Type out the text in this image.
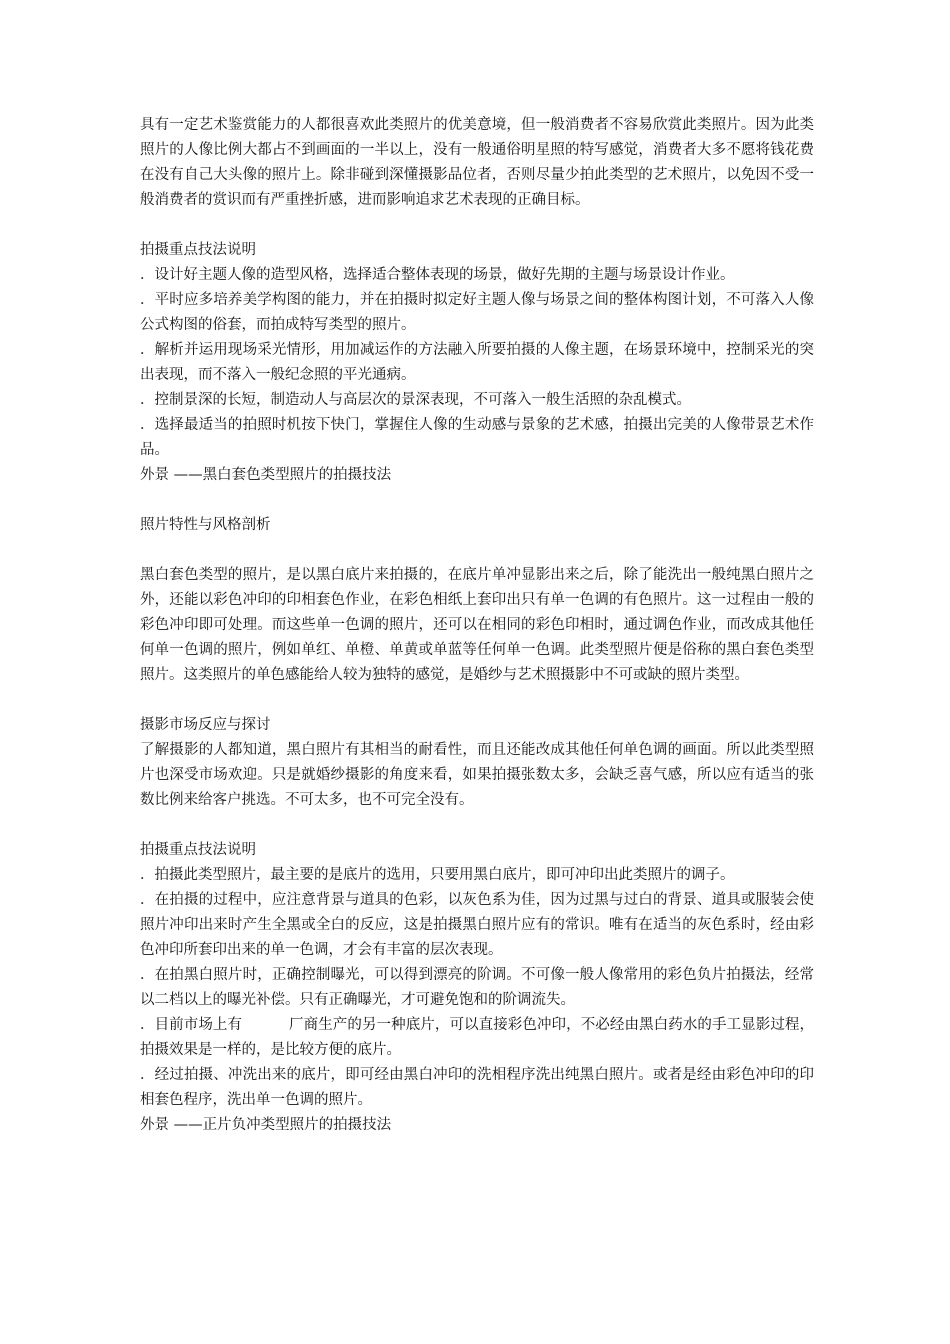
具有一定艺术鉴赏能力的人都很喜欢此类照片的优美意境，但一般消费者不容易欣赏此类照片。因为此类照片的人像比例大都占不到画面的一半以上，没有一般通俗明星照的特写感觉，消费者大多不愿将钱花费在没有自己大头像的照片上。除非碰到深懂摄影品位者，否则尽量少拍此类型的艺术照片，以免因不受一般消费者的赏识而有严重挫折感，进而影响追求艺术表现的正确目标。

拍摄重点技法说明

．设计好主题人像的造型风格，选择适合整体表现的场景，做好先期的主题与场景设计作业。

．平时应多培养美学构图的能力，并在拍摄时拟定好主题人像与场景之间的整体构图计划，不可落入人像公式构图的俗套，而拍成特写类型的照片。

．解析并运用现场采光情形，用加减运作的方法融入所要拍摄的人像主题，在场景环境中，控制采光的突出表现，而不落入一般纪念照的平光通病。

．控制景深的长短，制造动人与高层次的景深表现，不可落入一般生活照的杂乱模式。

．选择最适当的拍照时机按下快门，掌握住人像的生动感与景象的艺术感，拍摄出完美的人像带景艺术作品。

外景 ——黑白套色类型照片的拍摄技法

照片特性与风格剖析

黑白套色类型的照片，是以黑白底片来拍摄的，在底片单冲显影出来之后，除了能洗出一般纯黑白照片之外，还能以彩色冲印的印相套色作业，在彩色相纸上套印出只有单一色调的有色照片。这一过程由一般的彩色冲印即可处理。而这些单一色调的照片，还可以在相同的彩色印相时，通过调色作业，而改成其他任何单一色调的照片，例如单红、单橙、单黄或单蓝等任何单一色调。此类型照片便是俗称的黑白套色类型照片。这类照片的单色感能给人较为独特的感觉，是婚纱与艺术照摄影中不可或缺的照片类型。

摄影市场反应与探讨

了解摄影的人都知道，黑白照片有其相当的耐看性，而且还能改成其他任何单色调的画面。所以此类型照片也深受市场欢迎。只是就婚纱摄影的角度来看，如果拍摄张数太多，会缺乏喜气感，所以应有适当的张数比例来给客户挑选。不可太多，也不可完全没有。

拍摄重点技法说明

．拍摄此类型照片，最主要的是底片的选用，只要用黑白底片，即可冲印出此类照片的调子。

．在拍摄的过程中，应注意背景与道具的色彩，以灰色系为佳，因为过黑与过白的背景、道具或服装会使照片冲印出来时产生全黑或全白的反应，这是拍摄黑白照片应有的常识。唯有在适当的灰色系时，经由彩色冲印所套印出来的单一色调，才会有丰富的层次表现。

．在拍黑白照片时，正确控制曝光，可以得到漂亮的阶调。不可像一般人像常用的彩色负片拍摄法，经常以二档以上的曝光补偿。只有正确曝光，才可避免饱和的阶调流失。

．目前市场上有          厂商生产的另一种底片，可以直接彩色冲印，不必经由黑白药水的手工显影过程，拍摄效果是一样的，是比较方便的底片。

．经过拍摄、冲洗出来的底片，即可经由黑白冲印的洗相程序洗出纯黑白照片。或者是经由彩色冲印的印相套色程序，洗出单一色调的照片。

外景 ——正片负冲类型照片的拍摄技法
